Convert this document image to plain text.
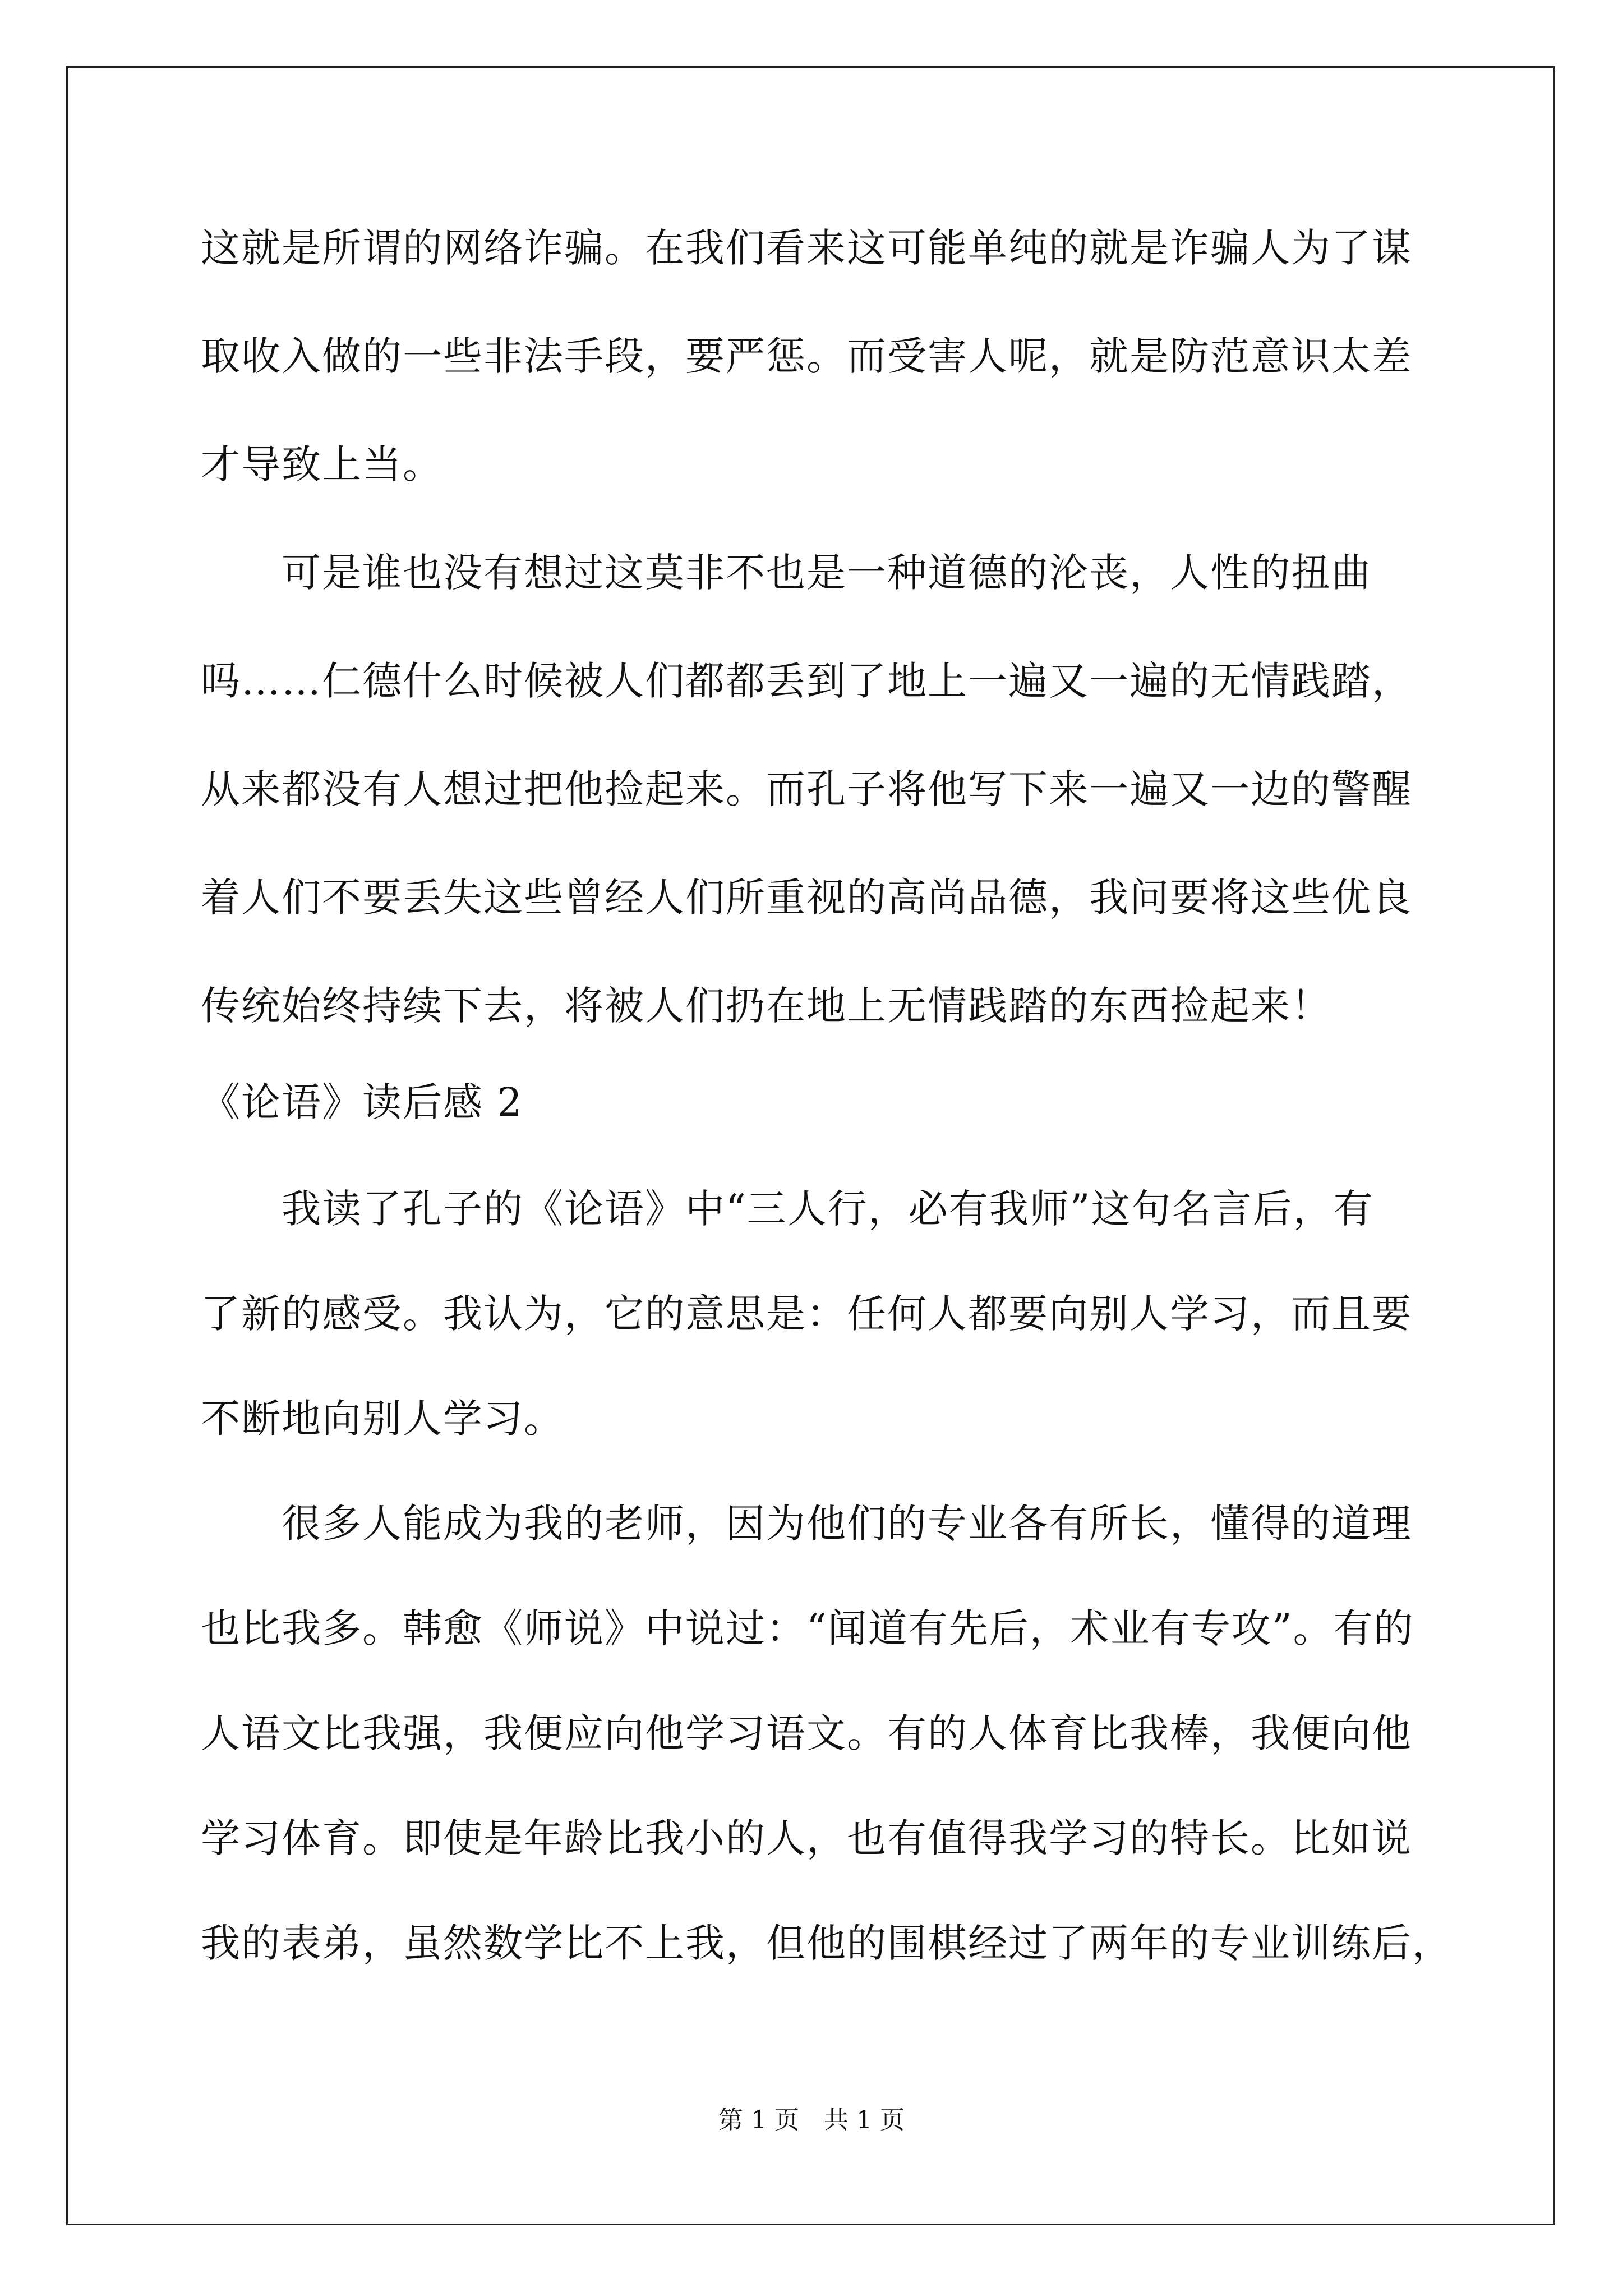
这就是所谓的网络诈骗。在我们看来这可能单纯的就是诈骗人为了谋
取收入做的一些非法手段，要严惩。而受害人呢，就是防范意识太差
才导致上当。
　　可是谁也没有想过这莫非不也是一种道德的沦丧，人性的扭曲
吗……仁德什么时候被人们都都丢到了地上一遍又一遍的无情践踏，
从来都没有人想过把他捡起来。而孔子将他写下来一遍又一边的警醒
着人们不要丢失这些曾经人们所重视的高尚品德，我问要将这些优良
传统始终持续下去，将被人们扔在地上无情践踏的东西捡起来！
《论语》读后感 2
　　我读了孔子的《论语》中“三人行，必有我师”这句名言后，有
了新的感受。我认为，它的意思是：任何人都要向别人学习，而且要
不断地向别人学习。
　　很多人能成为我的老师，因为他们的专业各有所长，懂得的道理
也比我多。韩愈《师说》中说过：“闻道有先后，术业有专攻”。有的
人语文比我强，我便应向他学习语文。有的人体育比我棒，我便向他
学习体育。即使是年龄比我小的人，也有值得我学习的特长。比如说
我的表弟，虽然数学比不上我，但他的围棋经过了两年的专业训练后，
第 1 页　共 1 页
